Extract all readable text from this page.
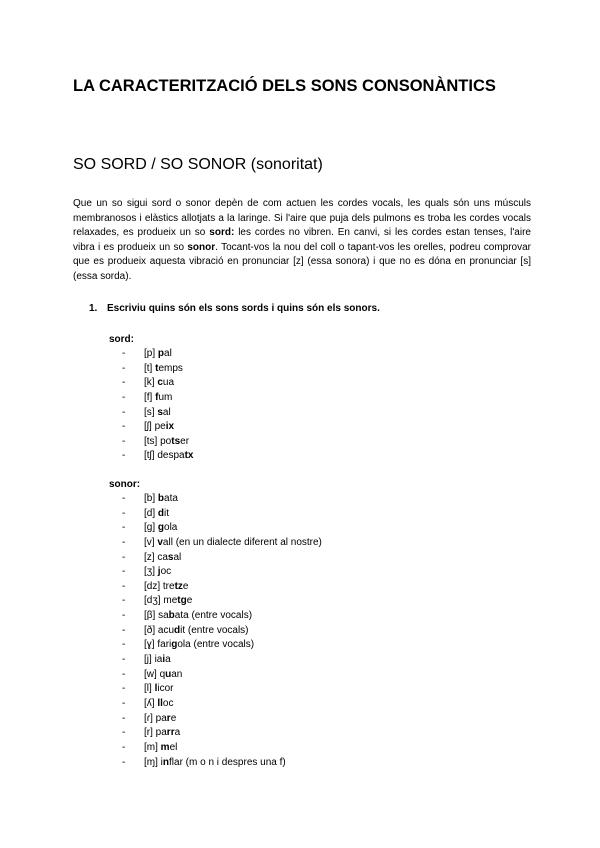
LA CARACTERITZACIÓ DELS SONS CONSONÀNTICS
SO SORD / SO SONOR (sonoritat)

Que un so sigui sord o sonor depèn de com actuen les cordes vocals, les quals són uns músculs membranosos i elàstics allotjats a la laringe. Si l'aire que puja dels pulmons es troba les cordes vocals relaxades, es produeix un so sord: les cordes no vibren. En canvi, si les cordes estan tenses, l'aire vibra i es produeix un so sonor. Tocant-vos la nou del coll o tapant-vos les orelles, podreu comprovar que es produeix aquesta vibració en pronunciar [z] (essa sonora) i que no es dóna en pronunciar [s] (essa sorda).

1. Escriviu quins són els sons sords i quins són els sonors.

sord:

- [p] pal
- [t] temps
- [k] cua
- [f] fum
- [s] sal
- [ʃ] peix
- [ts] potser
- [tʃ] despatx

sonor:

- [b] bata
- [d] dit
- [g] gola
- [v] vall (en un dialecte diferent al nostre)
- [z] casal
- [ʒ] joc
- [dz] tretze
- [dʒ] metge
- [β] sabata (entre vocals)
- [ð] acudit (entre vocals)
- [ɣ] farigola (entre vocals)
- [j] iaia
- [w] quan
- [l] licor
- [ʎ] lloc
- [ɾ] pare
- [r] parra
- [m] mel
- [ɱ] inflar (m o n i despres una f)
